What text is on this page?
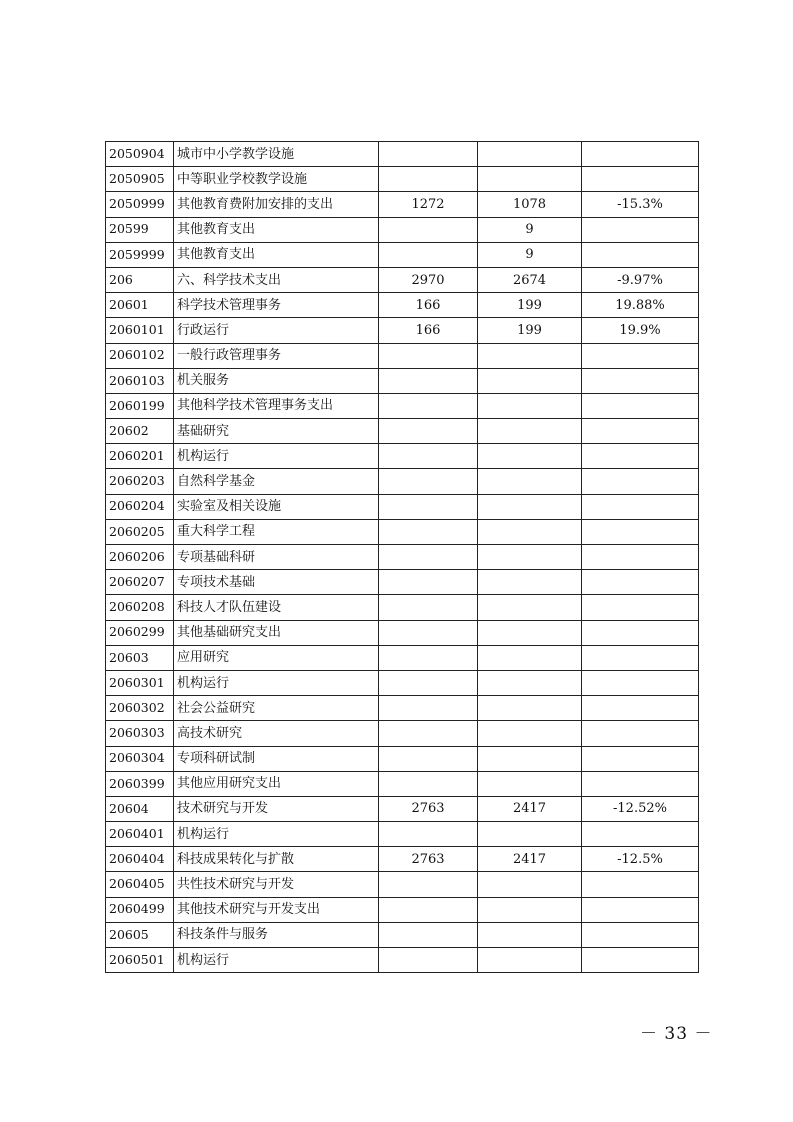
2050904	城市中小学教学设施			
2050905	中等职业学校教学设施			
2050999	其他教育费附加安排的支出	1272	1078	-15.3%
20599	其他教育支出		9	
2059999	其他教育支出		9	
206	六、科学技术支出	2970	2674	-9.97%
20601	科学技术管理事务	166	199	19.88%
2060101	行政运行	166	199	19.9%
2060102	一般行政管理事务			
2060103	机关服务			
2060199	其他科学技术管理事务支出			
20602	基础研究			
2060201	机构运行			
2060203	自然科学基金			
2060204	实验室及相关设施			
2060205	重大科学工程			
2060206	专项基础科研			
2060207	专项技术基础			
2060208	科技人才队伍建设			
2060299	其他基础研究支出			
20603	应用研究			
2060301	机构运行			
2060302	社会公益研究			
2060303	高技术研究			
2060304	专项科研试制			
2060399	其他应用研究支出			
20604	技术研究与开发	2763	2417	-12.52%
2060401	机构运行			
2060404	科技成果转化与扩散	2763	2417	-12.5%
2060405	共性技术研究与开发			
2060499	其他技术研究与开发支出			
20605	科技条件与服务			
2060501	机构运行			
－ 33 －
